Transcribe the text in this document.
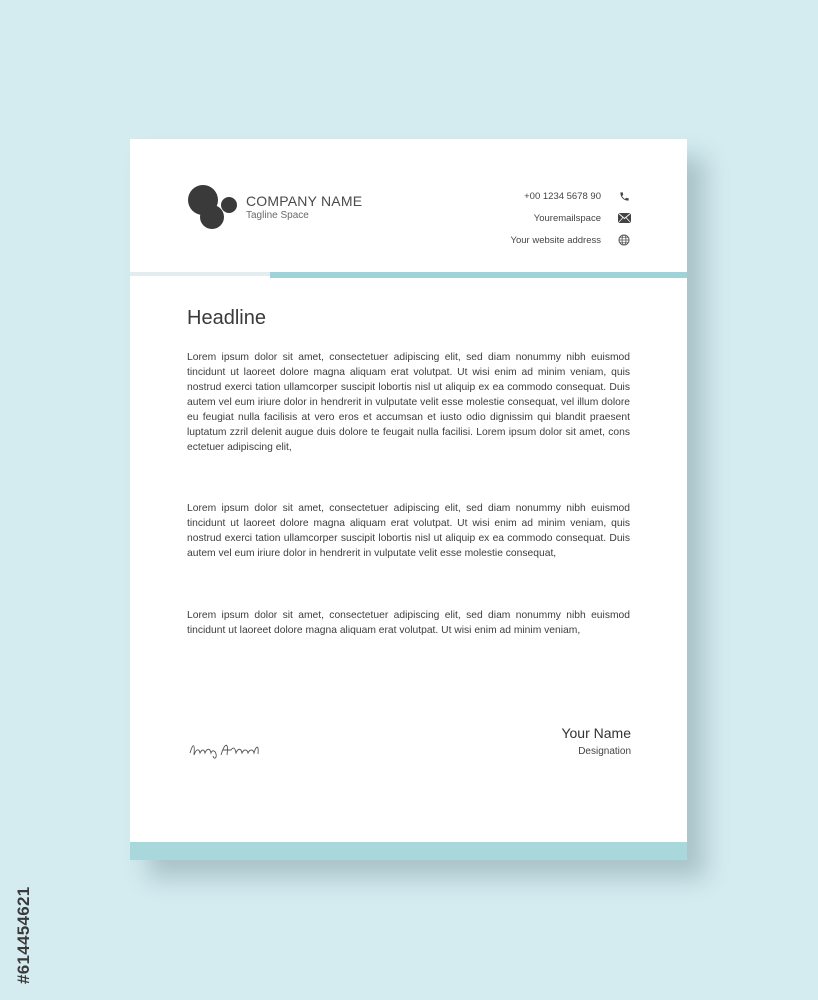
COMPANY NAME
Tagline Space
+00 1234 5678 90
Youremailspace
Your website address
Headline

Lorem ipsum dolor sit amet, consectetuer adipiscing elit, sed diam nonummy nibh euismod tincidunt ut laoreet dolore magna aliquam erat volutpat. Ut wisi enim ad minim veniam, quis nostrud exerci tation ullamcorper suscipit lobortis nisl ut aliquip ex ea commodo consequat. Duis autem vel eum iriure dolor in hendrerit in vulputate velit esse molestie consequat, vel illum dolore eu feugiat nulla facilisis at vero eros et accumsan et iusto odio dignissim qui blandit praesent luptatum zzril delenit augue duis dolore te feugait nulla facilisi. Lorem ipsum dolor sit amet, cons ectetuer adipiscing elit,

Lorem ipsum dolor sit amet, consectetuer adipiscing elit, sed diam nonummy nibh euismod tincidunt ut laoreet dolore magna aliquam erat volutpat. Ut wisi enim ad minim veniam, quis nostrud exerci tation ullamcorper suscipit lobortis nisl ut aliquip ex ea commodo consequat. Duis autem vel eum iriure dolor in hendrerit in vulputate velit esse molestie consequat,

Lorem ipsum dolor sit amet, consectetuer adipiscing elit, sed diam nonummy nibh euismod tincidunt ut laoreet dolore magna aliquam erat volutpat. Ut wisi enim ad minim veniam,

Your Name
Designation
#614454621
